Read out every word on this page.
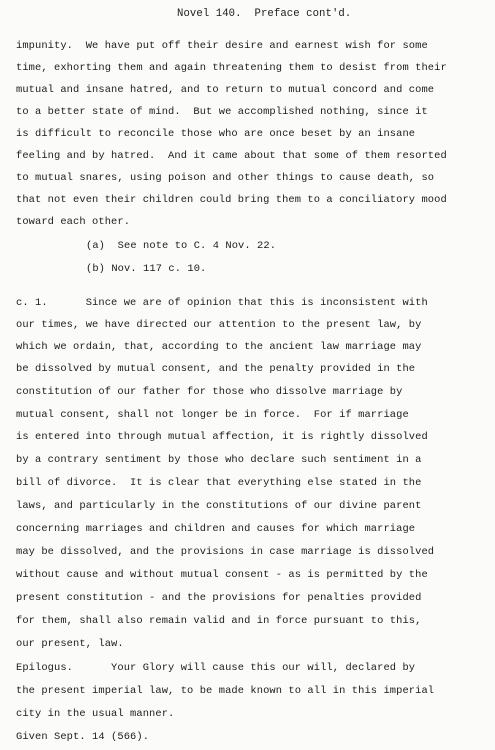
Novel 140.  Preface cont'd.
impunity.  We have put off their desire and earnest wish for some
time, exhorting them and again threatening them to desist from their
mutual and insane hatred, and to return to mutual concord and come
to a better state of mind.  But we accomplished nothing, since it
is difficult to reconcile those who are once beset by an insane
feeling and by hatred.  And it came about that some of them resorted
to mutual snares, using poison and other things to cause death, so
that not even their children could bring them to a conciliatory mood
toward each other.
(a)  See note to C. 4 Nov. 22.
(b) Nov. 117 c. 10.
c. 1.      Since we are of opinion that this is inconsistent with
our times, we have directed our attention to the present law, by
which we ordain, that, according to the ancient law marriage may
be dissolved by mutual consent, and the penalty provided in the
constitution of our father for those who dissolve marriage by
mutual consent, shall not longer be in force.  For if marriage
is entered into through mutual affection, it is rightly dissolved
by a contrary sentiment by those who declare such sentiment in a
bill of divorce.  It is clear that everything else stated in the
laws, and particularly in the constitutions of our divine parent
concerning marriages and children and causes for which marriage
may be dissolved, and the provisions in case marriage is dissolved
without cause and without mutual consent - as is permitted by the
present constitution - and the provisions for penalties provided
for them, shall also remain valid and in force pursuant to this,
our present, law.
Epilogus.      Your Glory will cause this our will, declared by
the present imperial law, to be made known to all in this imperial
city in the usual manner.
Given Sept. 14 (566).
